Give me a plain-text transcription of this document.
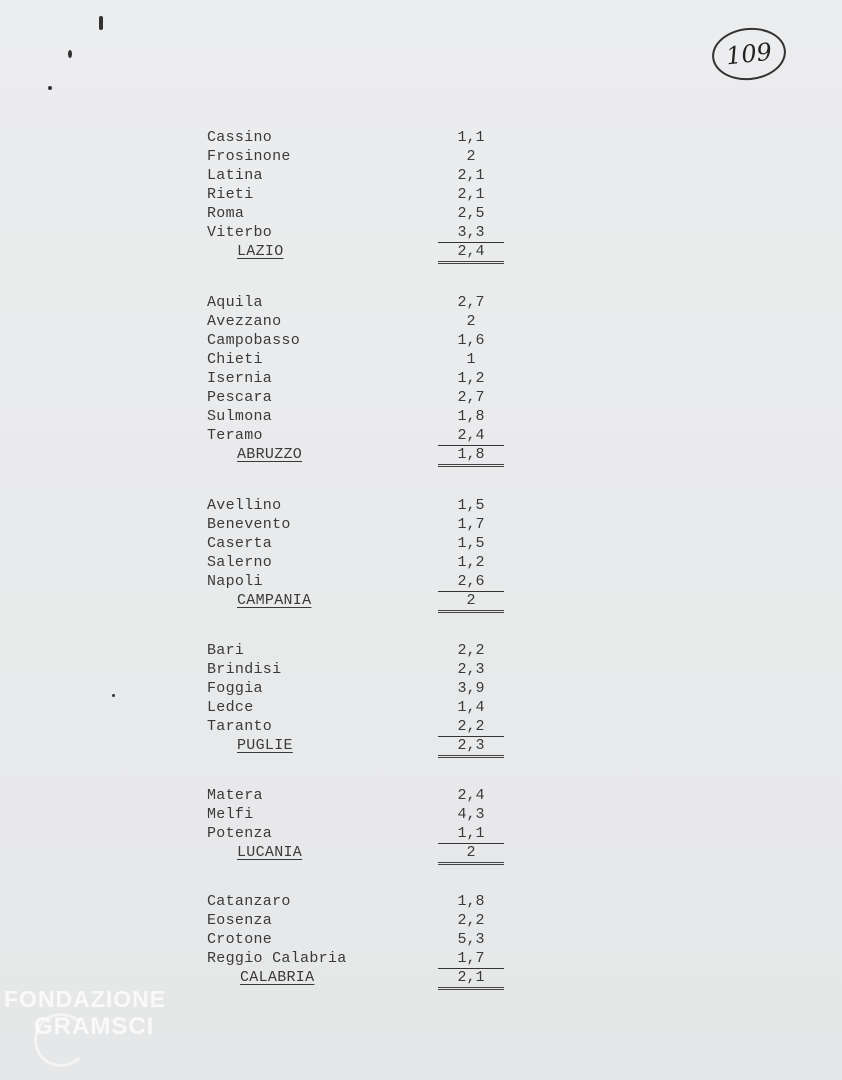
109
Cassino	1,1
Frosinone	2
Latina	2,1
Rieti	2,1
Roma	2,5
Viterbo	3,3
LAZIO	2,4
Aquila	2,7
Avezzano	2
Campobasso	1,6
Chieti	1
Isernia	1,2
Pescara	2,7
Sulmona	1,8
Teramo	2,4
ABRUZZO	1,8
Avellino	1,5
Benevento	1,7
Caserta	1,5
Salerno	1,2
Napoli	2,6
CAMPANIA	2
Bari	2,2
Brindisi	2,3
Foggia	3,9
Ledce	1,4
Taranto	2,2
PUGLIE	2,3
Matera	2,4
Melfi	4,3
Potenza	1,1
LUCANIA	2
Catanzaro	1,8
Eosenza	2,2
Crotone	5,3
Reggio Calabria	1,7
CALABRIA	2,1
FONDAZIONE
GRAMSCI
